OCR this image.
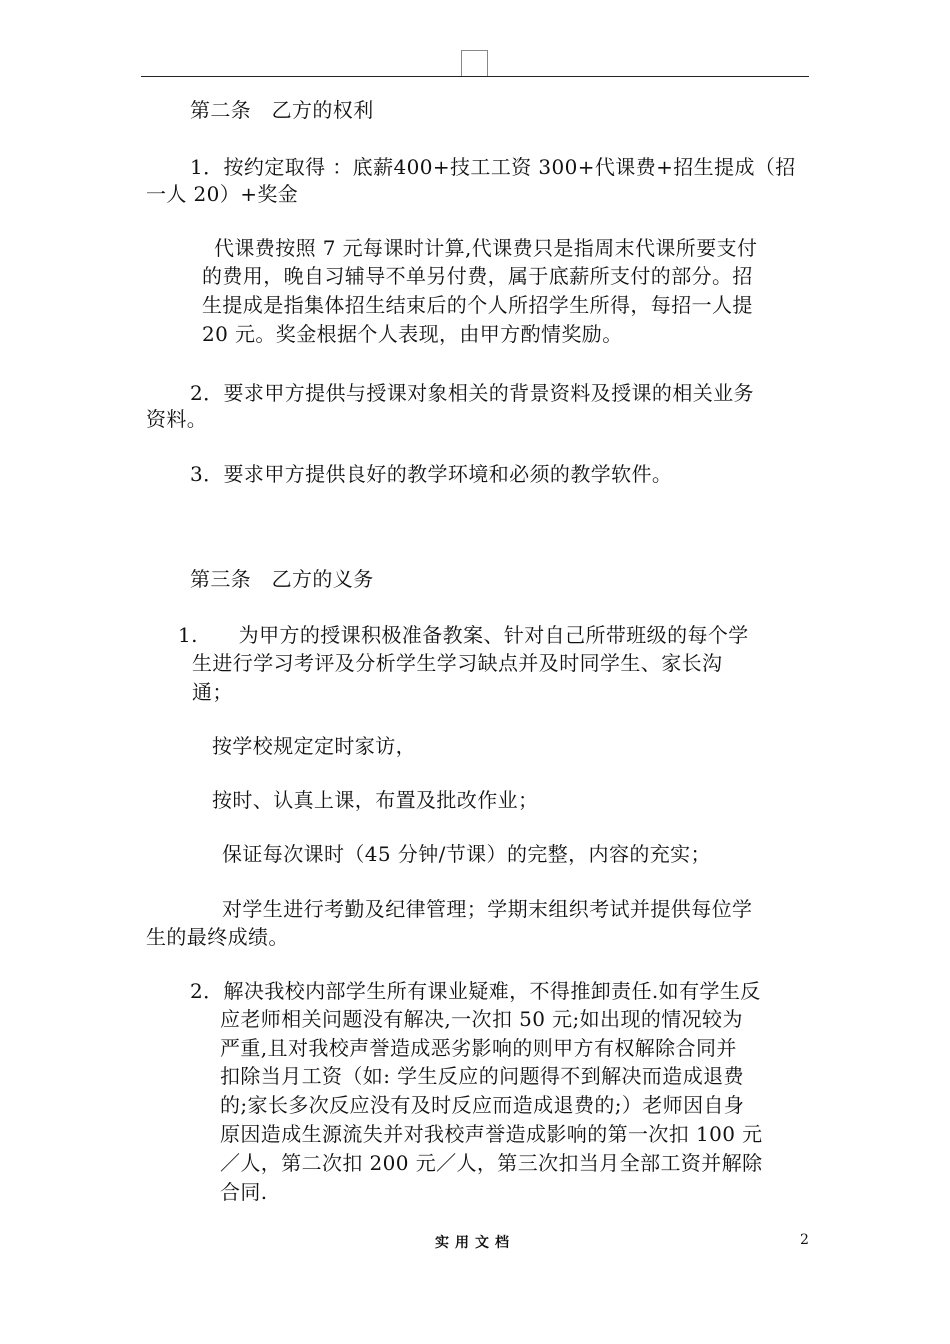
第二条　乙方的权利
1．按约定取得 ：底薪400+技工工资 300+代课费+招生提成（招
一人 20）+奖金
代课费按照 7 元每课时计算,代课费只是指周末代课所要支付
的费用，晚自习辅导不单另付费，属于底薪所支付的部分。招
生提成是指集体招生结束后的个人所招学生所得，每招一人提
20 元。奖金根据个人表现，由甲方酌情奖励。
2．要求甲方提供与授课对象相关的背景资料及授课的相关业务
资料。
3．要求甲方提供良好的教学环境和必须的教学软件。
第三条　乙方的义务
1.　　为甲方的授课积极准备教案、针对自己所带班级的每个学
生进行学习考评及分析学生学习缺点并及时同学生、家长沟
通；
按学校规定定时家访，
按时、认真上课，布置及批改作业；
保证每次课时（45 分钟/节课）的完整，内容的充实；
对学生进行考勤及纪律管理；学期末组织考试并提供每位学
生的最终成绩。
2．解决我校内部学生所有课业疑难，不得推卸责任.如有学生反
应老师相关问题没有解决,一次扣 50 元;如出现的情况较为
严重,且对我校声誉造成恶劣影响的则甲方有权解除合同并
扣除当月工资（如: 学生反应的问题得不到解决而造成退费
的;家长多次反应没有及时反应而造成退费的;）老师因自身
原因造成生源流失并对我校声誉造成影响的第一次扣 100 元
／人，第二次扣 200 元／人，第三次扣当月全部工资并解除
合同.
实用文档	2
